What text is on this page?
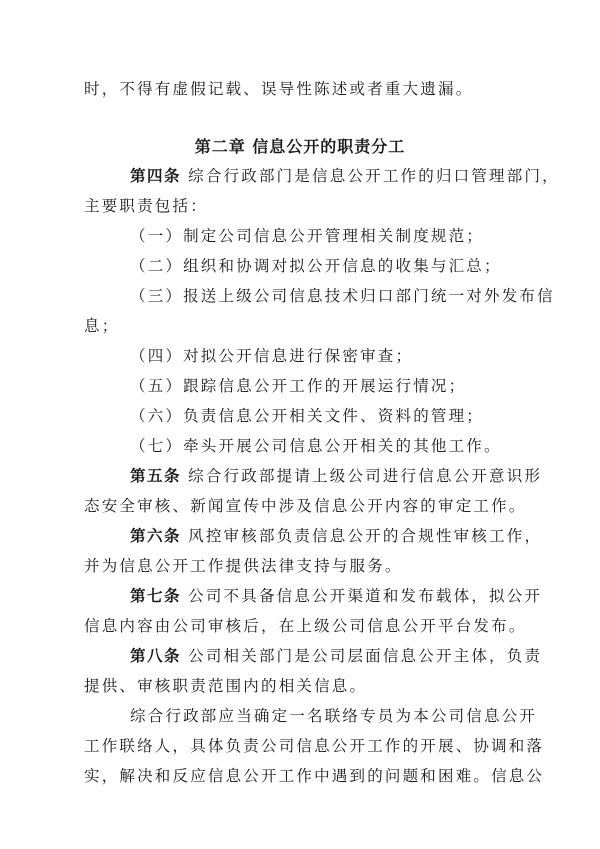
时，不得有虚假记载、误导性陈述或者重大遗漏。
第二章 信息公开的职责分工
第四条 综合行政部门是信息公开工作的归口管理部门，
主要职责包括：
（一）制定公司信息公开管理相关制度规范；
（二）组织和协调对拟公开信息的收集与汇总；
（三）报送上级公司信息技术归口部门统一对外发布信
息；
（四）对拟公开信息进行保密审查；
（五）跟踪信息公开工作的开展运行情况；
（六）负责信息公开相关文件、资料的管理；
（七）牵头开展公司信息公开相关的其他工作。
第五条 综合行政部提请上级公司进行信息公开意识形
态安全审核、新闻宣传中涉及信息公开内容的审定工作。
第六条 风控审核部负责信息公开的合规性审核工作，
并为信息公开工作提供法律支持与服务。
第七条 公司不具备信息公开渠道和发布载体，拟公开
信息内容由公司审核后，在上级公司信息公开平台发布。
第八条 公司相关部门是公司层面信息公开主体，负责
提供、审核职责范围内的相关信息。
综合行政部应当确定一名联络专员为本公司信息公开
工作联络人，具体负责公司信息公开工作的开展、协调和落
实，解决和反应信息公开工作中遇到的问题和困难。信息公
